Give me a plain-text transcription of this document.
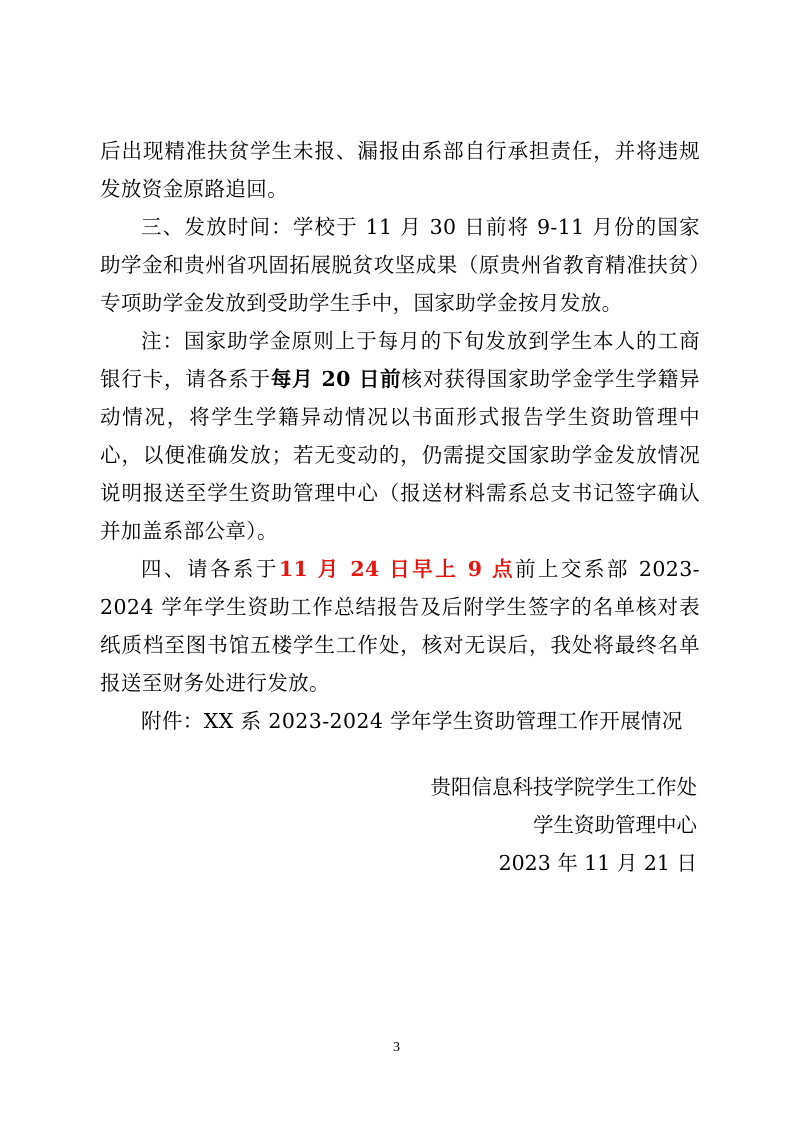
后出现精准扶贫学生未报、漏报由系部自行承担责任，并将违规发放资金原路追回。

三、发放时间：学校于 11 月 30 日前将 9-11 月份的国家助学金和贵州省巩固拓展脱贫攻坚成果（原贵州省教育精准扶贫）专项助学金发放到受助学生手中，国家助学金按月发放。

注：国家助学金原则上于每月的下旬发放到学生本人的工商银行卡，请各系于每月 20 日前核对获得国家助学金学生学籍异动情况，将学生学籍异动情况以书面形式报告学生资助管理中心，以便准确发放；若无变动的，仍需提交国家助学金发放情况说明报送至学生资助管理中心（报送材料需系总支书记签字确认并加盖系部公章）。

四、请各系于11 月 24 日早上 9 点前上交系部 2023-2024 学年学生资助工作总结报告及后附学生签字的名单核对表纸质档至图书馆五楼学生工作处，核对无误后，我处将最终名单报送至财务处进行发放。

附件：XX 系 2023-2024 学年学生资助管理工作开展情况

贵阳信息科技学院学生工作处
学生资助管理中心
2023 年 11 月 21 日
3
